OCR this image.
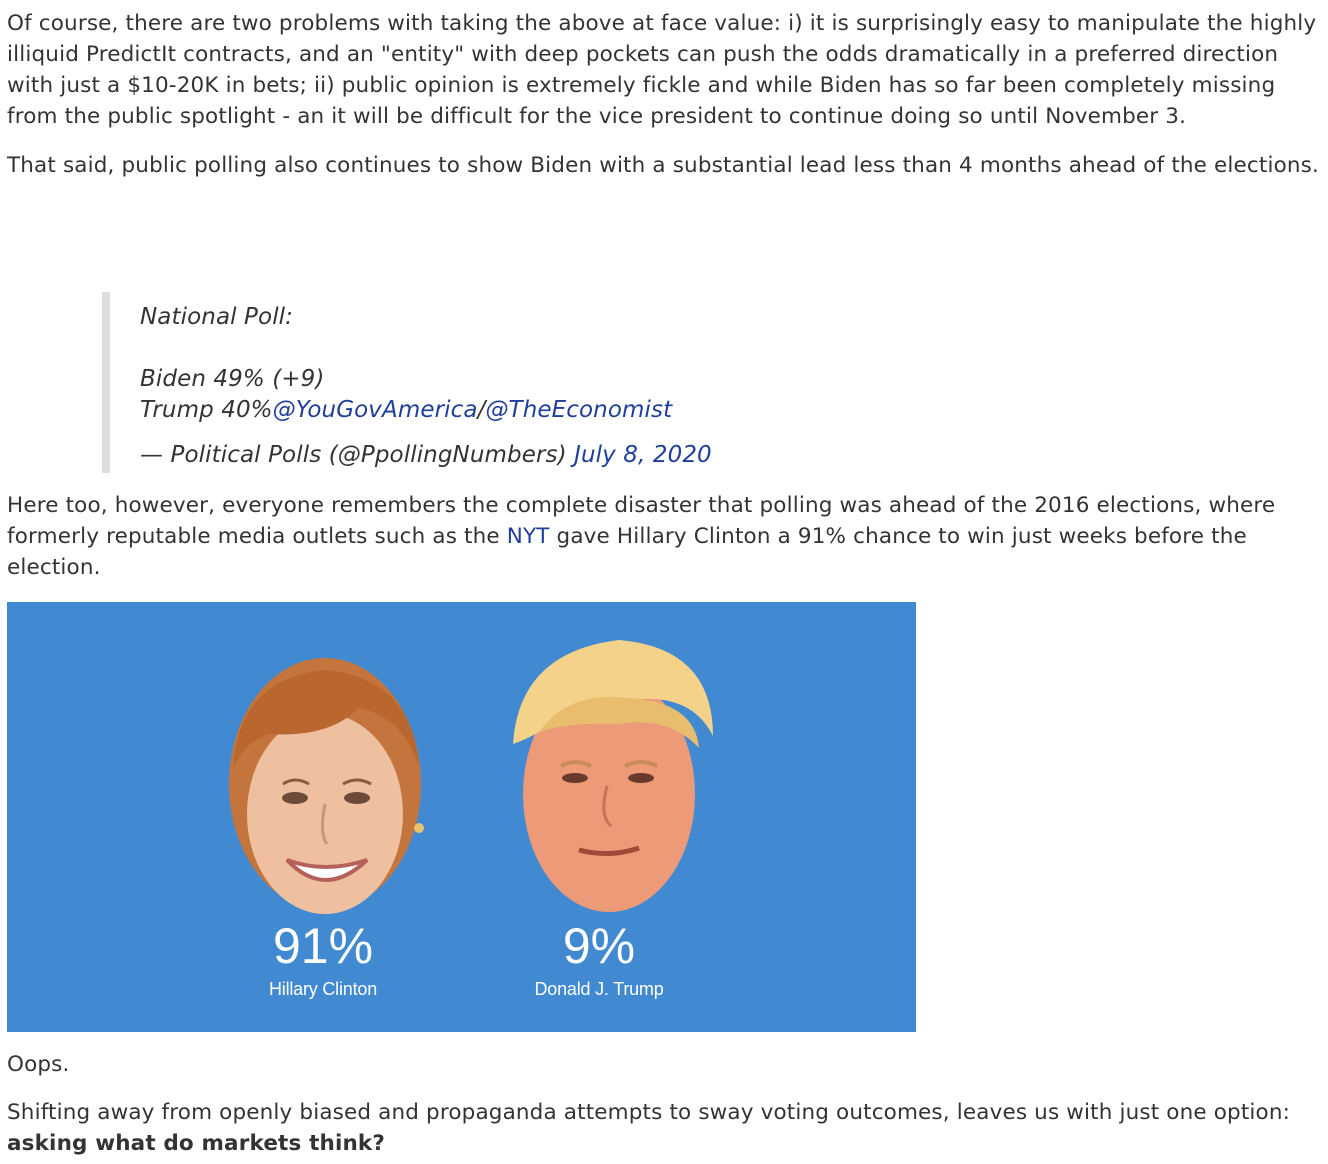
Of course, there are two problems with taking the above at face value: i) it is surprisingly easy to manipulate the highly illiquid PredictIt contracts, and an "entity" with deep pockets can push the odds dramatically in a preferred direction with just a $10-20K in bets; ii) public opinion is extremely fickle and while Biden has so far been completely missing from the public spotlight - an it will be difficult for the vice president to continue doing so until November 3.

That said, public polling also continues to show Biden with a substantial lead less than 4 months ahead of the elections.

National Poll:

Biden 49% (+9)

Trump 40%@YouGovAmerica/@TheEconomist

— Political Polls (@PpollingNumbers) July 8, 2020

Here too, however, everyone remembers the complete disaster that polling was ahead of the 2016 elections, where formerly reputable media outlets such as the NYT gave Hillary Clinton a 91% chance to win just weeks before the election.

91%
Hillary Clinton
9%
Donald J. Trump

Oops.

Shifting away from openly biased and propaganda attempts to sway voting outcomes, leaves us with just one option: asking what do markets think?
